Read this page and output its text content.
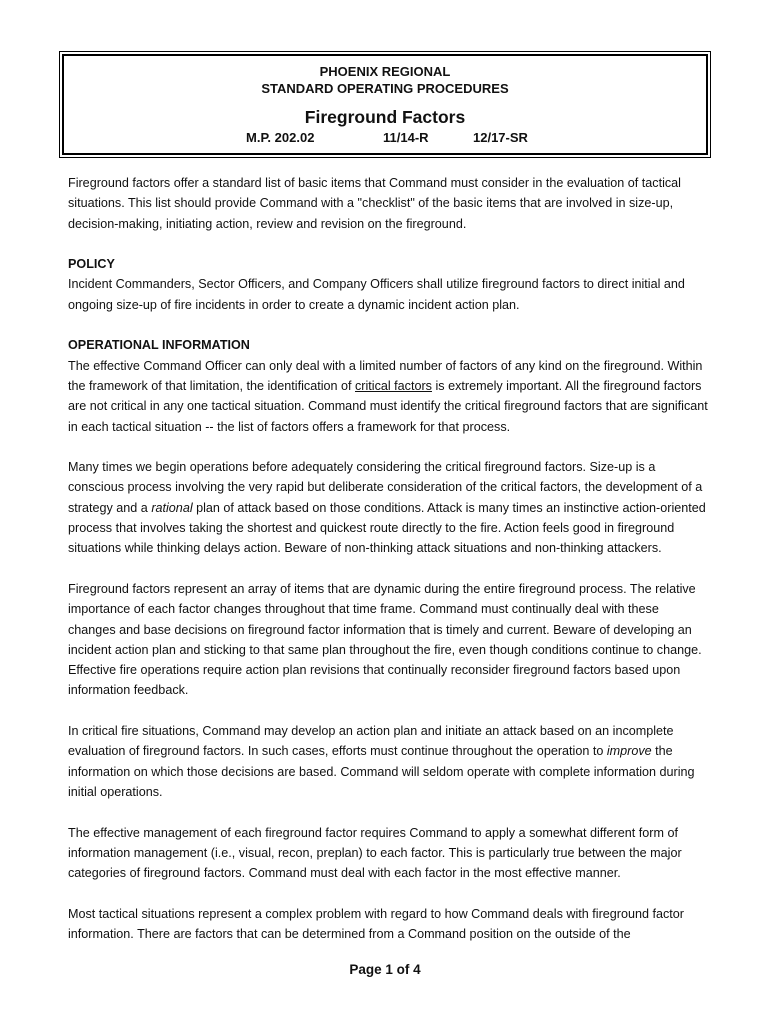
PHOENIX REGIONAL
STANDARD OPERATING PROCEDURES
Fireground Factors
M.P. 202.02	11/14-R	12/17-SR

Fireground factors offer a standard list of basic items that Command must consider in the evaluation of tactical situations. This list should provide Command with a "checklist" of the basic items that are involved in size-up, decision-making, initiating action, review and revision on the fireground.

POLICY
Incident Commanders, Sector Officers, and Company Officers shall utilize fireground factors to direct initial and ongoing size-up of fire incidents in order to create a dynamic incident action plan.

OPERATIONAL INFORMATION
The effective Command Officer can only deal with a limited number of factors of any kind on the fireground. Within the framework of that limitation, the identification of critical factors is extremely important. All the fireground factors are not critical in any one tactical situation. Command must identify the critical fireground factors that are significant in each tactical situation -- the list of factors offers a framework for that process.

Many times we begin operations before adequately considering the critical fireground factors. Size-up is a conscious process involving the very rapid but deliberate consideration of the critical factors, the development of a strategy and a rational plan of attack based on those conditions. Attack is many times an instinctive action-oriented process that involves taking the shortest and quickest route directly to the fire. Action feels good in fireground situations while thinking delays action. Beware of non-thinking attack situations and non-thinking attackers.

Fireground factors represent an array of items that are dynamic during the entire fireground process. The relative importance of each factor changes throughout that time frame. Command must continually deal with these changes and base decisions on fireground factor information that is timely and current. Beware of developing an incident action plan and sticking to that same plan throughout the fire, even though conditions continue to change. Effective fire operations require action plan revisions that continually reconsider fireground factors based upon information feedback.

In critical fire situations, Command may develop an action plan and initiate an attack based on an incomplete evaluation of fireground factors. In such cases, efforts must continue throughout the operation to improve the information on which those decisions are based. Command will seldom operate with complete information during initial operations.

The effective management of each fireground factor requires Command to apply a somewhat different form of information management (i.e., visual, recon, preplan) to each factor. This is particularly true between the major categories of fireground factors. Command must deal with each factor in the most effective manner.

Most tactical situations represent a complex problem with regard to how Command deals with fireground factor information. There are factors that can be determined from a Command position on the outside of the

Page 1 of 4
